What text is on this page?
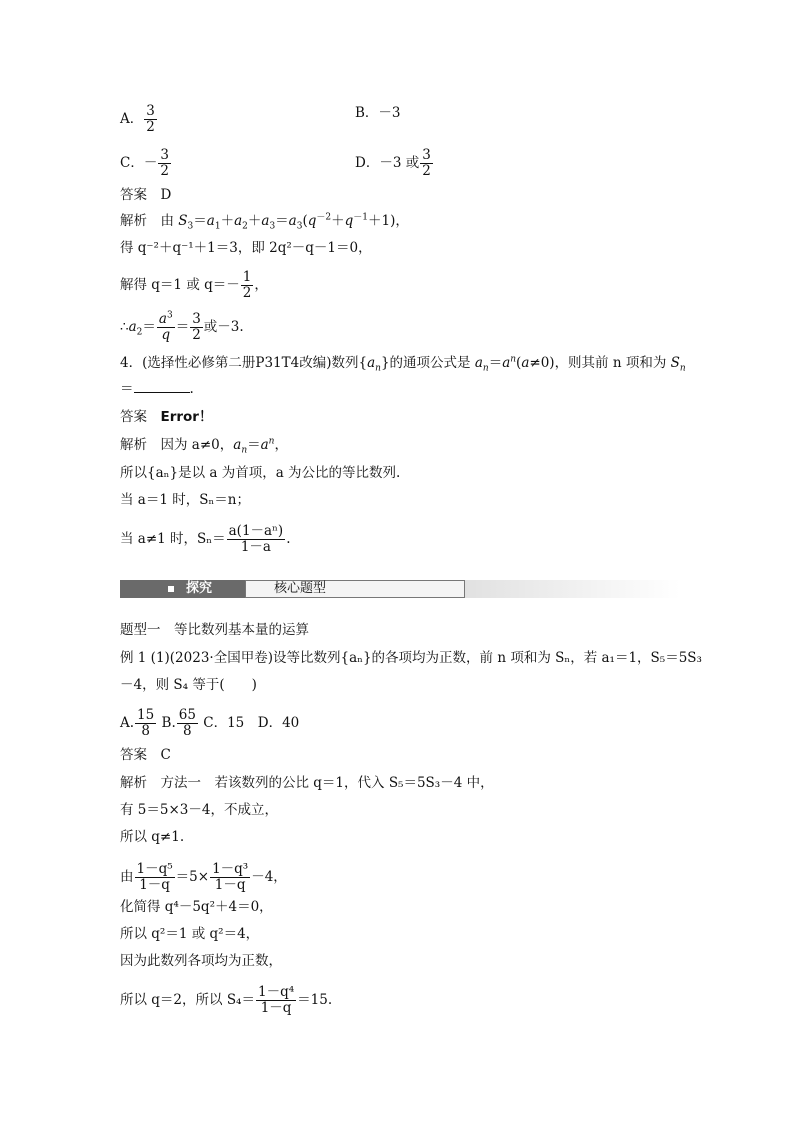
A． $\frac{3}{2}$	B．－3
C．－ $\frac{3}{2}$	D．－3 或 $\frac{3}{2}$
答案　D
解析　由 $S_3=a_1+a_2+a_3=a_3(q^{-2}+q^{-1}+1)$，
得 q⁻²＋q⁻¹＋1＝3，即 2q²－q－1＝0，
解得 q＝1 或 $q=- \frac{1}{2}$ ，
$\therefore a_2= \frac{a^3}{q} = \frac{3}{2}$ 或－3.
4．(选择性必修第二册P31T4改编)数列$\{a_n\}$的通项公式是 $a_n=a^n(a\ne 0)$，则其前 n 项和为 $S_n$
＝	.
答案　Error！
解析　因为 a≠0，$a_n=a^n$，
所以{aₙ}是以 a 为首项，a 为公比的等比数列.
当 a＝1 时，Sₙ＝n；
当 a≠1 时，$S_n= \frac{\text{a(1－aⁿ)}}{1-a}$ .
探究	核心题型
题型一　等比数列基本量的运算
例 1 (1)(2023·全国甲卷)设等比数列{aₙ}的各项均为正数，前 n 项和为 Sₙ，若 a₁＝1，S₅＝5S₃
－4，则 S₄ 等于(　　)
A. $\frac{15}{8} B$. $\frac{65}{8}$ C．15　D．40
答案　C
解析　方法一　若该数列的公比 q＝1，代入 S₅＝5S₃－4 中，
有 5＝5×3－4，不成立，
所以 q≠1.
由 $\frac{\text{1－q⁵}}{1-q} =5\times \frac{\text{1－q³}}{1-q} -4$，
化简得 q⁴－5q²＋4＝0，
所以 q²＝1 或 q²＝4，
因为此数列各项均为正数，
所以 q＝2，所以 $S_4= \frac{\text{1－q⁴}}{1-q} =15$.
